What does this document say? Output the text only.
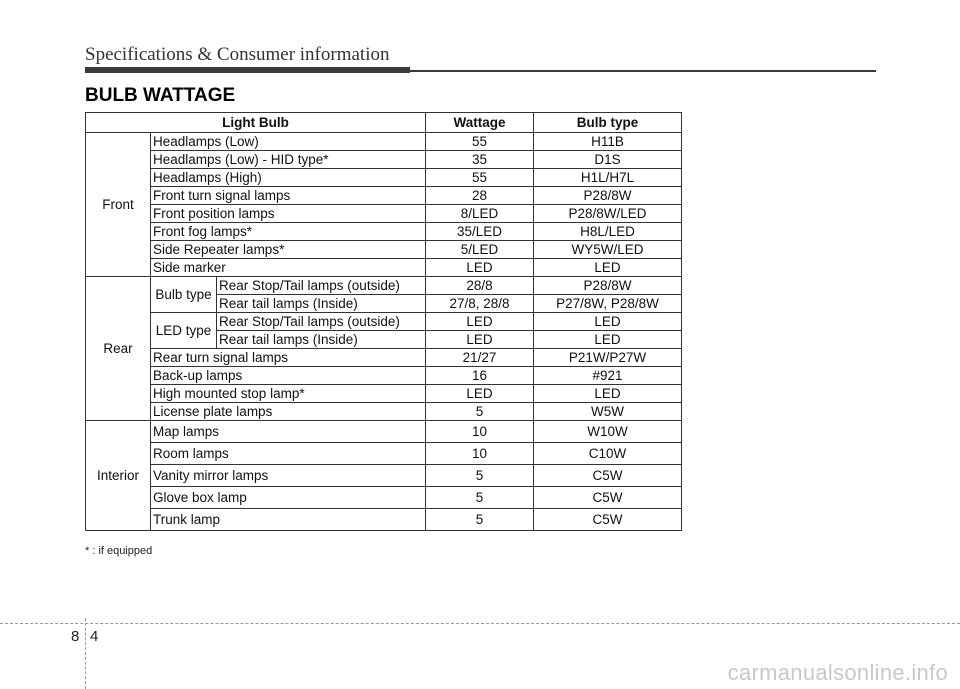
Specifications & Consumer information
BULB WATTAGE
Light Bulb			Wattage	Bulb type
Front	Headlamps (Low)		55	H11B
	Headlamps (Low) - HID type*		35	D1S
	Headlamps (High)		55	H1L/H7L
	Front turn signal lamps		28	P28/8W
	Front position lamps		8/LED	P28/8W/LED
	Front fog lamps*		35/LED	H8L/LED
	Side Repeater lamps*		5/LED	WY5W/LED
	Side marker		LED	LED
Rear	Bulb type	Rear Stop/Tail lamps (outside)	28/8	P28/8W
		Rear tail lamps (Inside)	27/8, 28/8	P27/8W, P28/8W
	LED type	Rear Stop/Tail lamps (outside)	LED	LED
		Rear tail lamps (Inside)	LED	LED
	Rear turn signal lamps		21/27	P21W/P27W
	Back-up lamps		16	#921
	High mounted stop lamp*		LED	LED
	License plate lamps		5	W5W
Interior	Map lamps		10	W10W
	Room lamps		10	C10W
	Vanity mirror lamps		5	C5W
	Glove box lamp		5	C5W
	Trunk lamp		5	C5W
* : if equipped
8 4
carmanualsonline.info
